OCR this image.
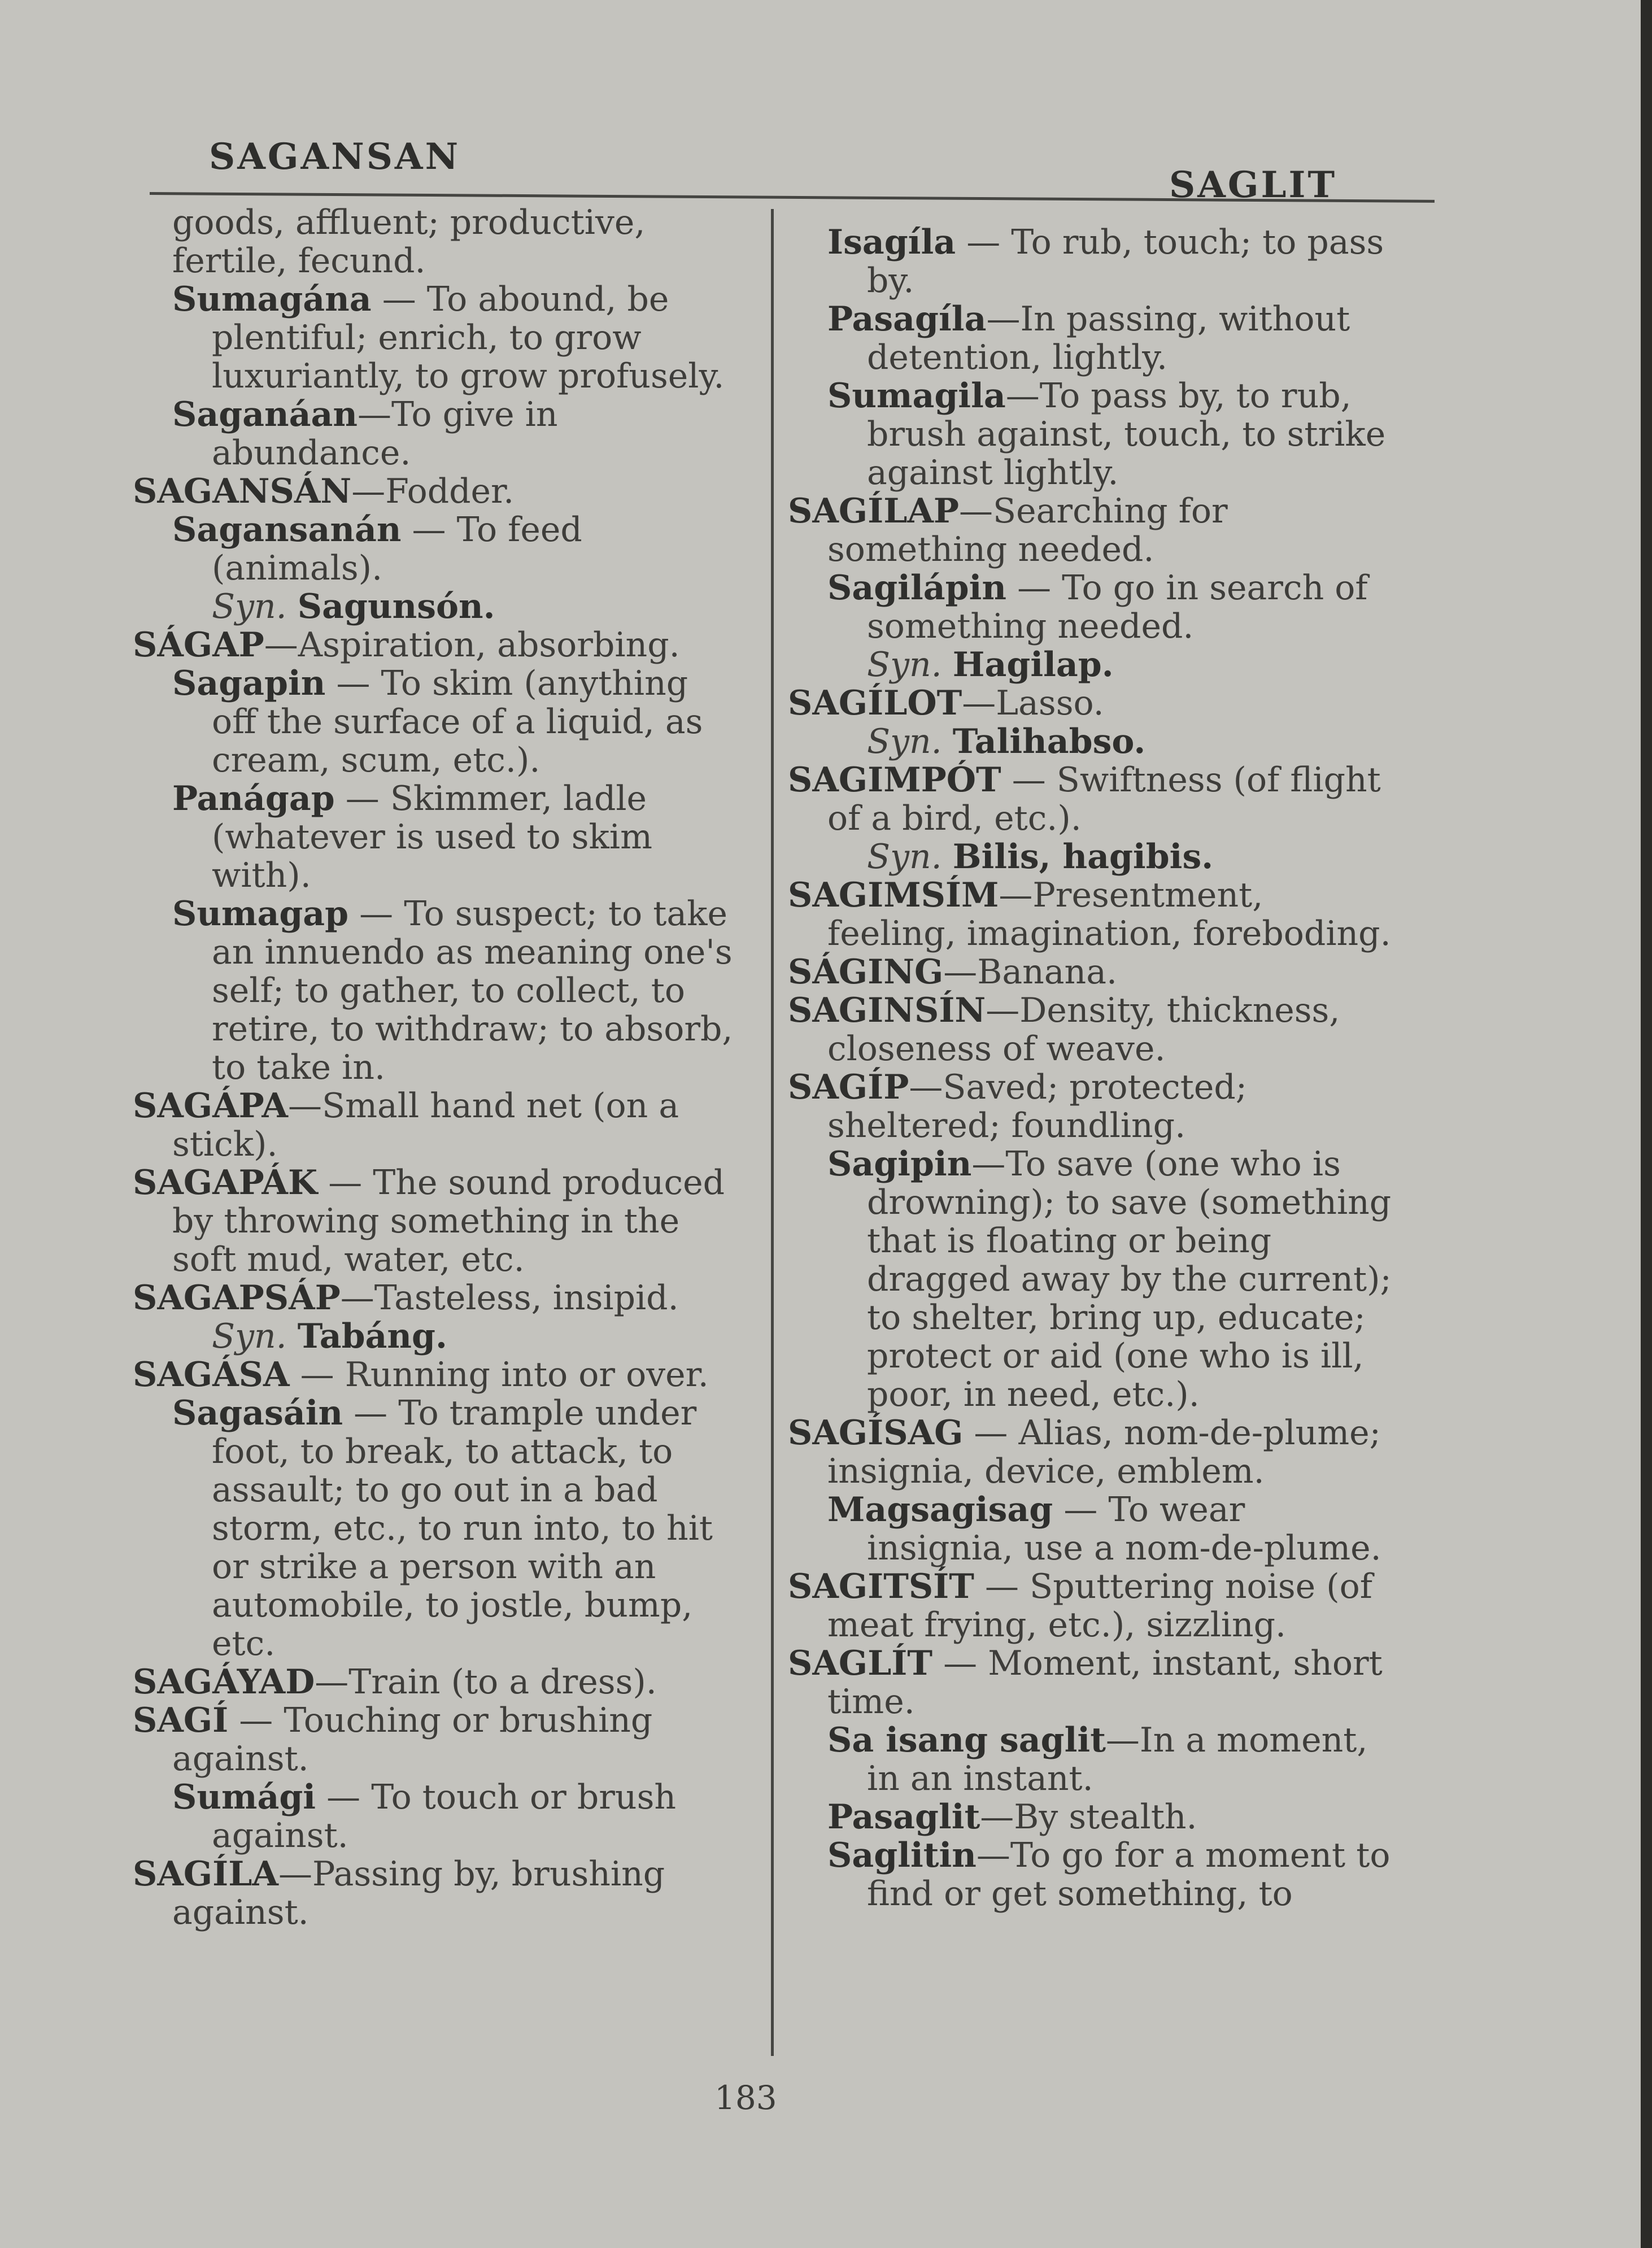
SAGANSAN
SAGLIT

goods, affluent; productive, fertile, fecund.

Sumagána — To abound, be plentiful; enrich, to grow luxuriantly, to grow profusely.

Saganáan—To give in abundance.

SAGANSÁN—Fodder.

Sagansanán — To feed (animals).

Syn. Sagunsón.

SÁGAP—Aspiration, absorbing.

Sagapin — To skim (anything off the surface of a liquid, as cream, scum, etc.).

Panágap — Skimmer, ladle (whatever is used to skim with).

Sumagap — To suspect; to take an innuendo as meaning one's self; to gather, to collect, to retire, to withdraw; to absorb, to take in.

SAGÁPA—Small hand net (on a stick).

SAGAPÁK — The sound produced by throwing something in the soft mud, water, etc.

SAGAPSÁP—Tasteless, insipid.

Syn. Tabáng.

SAGÁSA — Running into or over.

Sagasáin — To trample under foot, to break, to attack, to assault; to go out in a bad storm, etc., to run into, to hit or strike a person with an automobile, to jostle, bump, etc.

SAGÁYAD—Train (to a dress).

SAGÍ — Touching or brushing against.

Sumági — To touch or brush against.

SAGÍLA—Passing by, brushing against.

Isagíla — To rub, touch; to pass by.

Pasagíla—In passing, without detention, lightly.

Sumagila—To pass by, to rub, brush against, touch, to strike against lightly.

SAGÍLAP—Searching for something needed.

Sagilápin — To go in search of something needed.

Syn. Hagilap.

SAGÍLOT—Lasso.

Syn. Talihabso.

SAGIMPÓT — Swiftness (of flight of a bird, etc.).

Syn. Bilis, hagibis.

SAGIMSÍM—Presentment, feeling, imagination, foreboding.

SÁGING—Banana.

SAGINSÍN—Density, thickness, closeness of weave.

SAGÍP—Saved; protected; sheltered; foundling.

Sagipin—To save (one who is drowning); to save (something that is floating or being dragged away by the current); to shelter, bring up, educate; protect or aid (one who is ill, poor, in need, etc.).

SAGÍSAG — Alias, nom-de-plume; insignia, device, emblem.

Magsagisag — To wear insignia, use a nom-de-plume.

SAGITSÍT — Sputtering noise (of meat frying, etc.), sizzling.

SAGLÍT — Moment, instant, short time.

Sa isang saglit—In a moment, in an instant.

Pasaglit—By stealth.

Saglitin—To go for a moment to find or get something, to

183
